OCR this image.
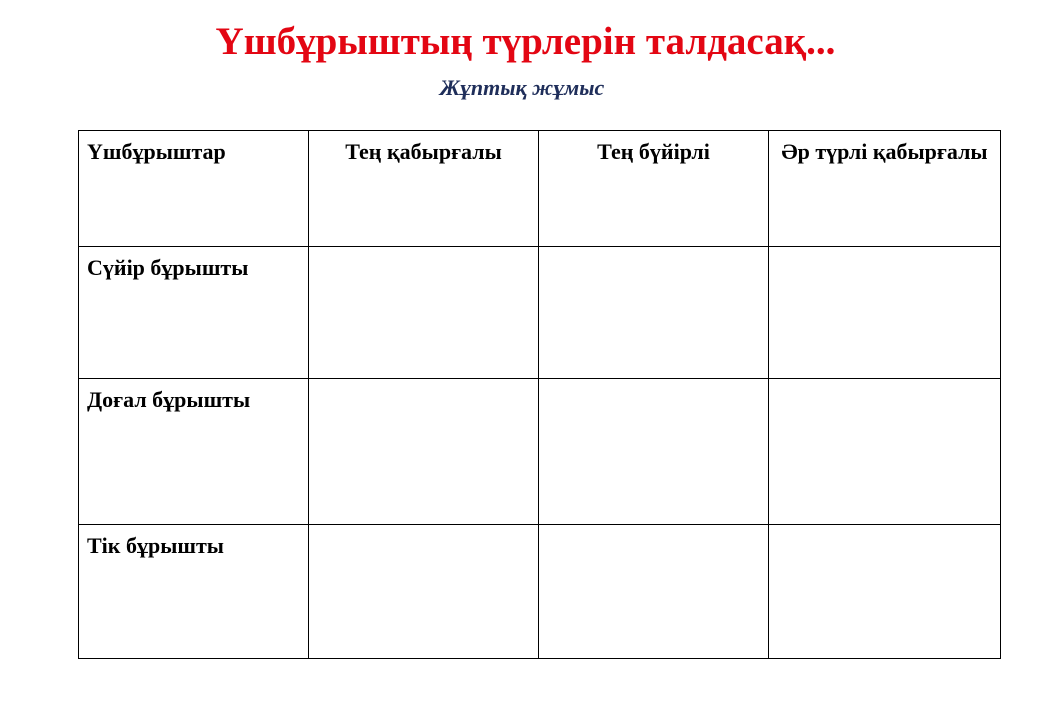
Үшбұрыштың түрлерін талдасақ...
Жұптық жұмыс
Үшбұрыштар	Тең қабырғалы	Тең бүйірлі	Әр түрлі қабырғалы
Сүйір бұрышты			
Доғал бұрышты			
Тік бұрышты			
